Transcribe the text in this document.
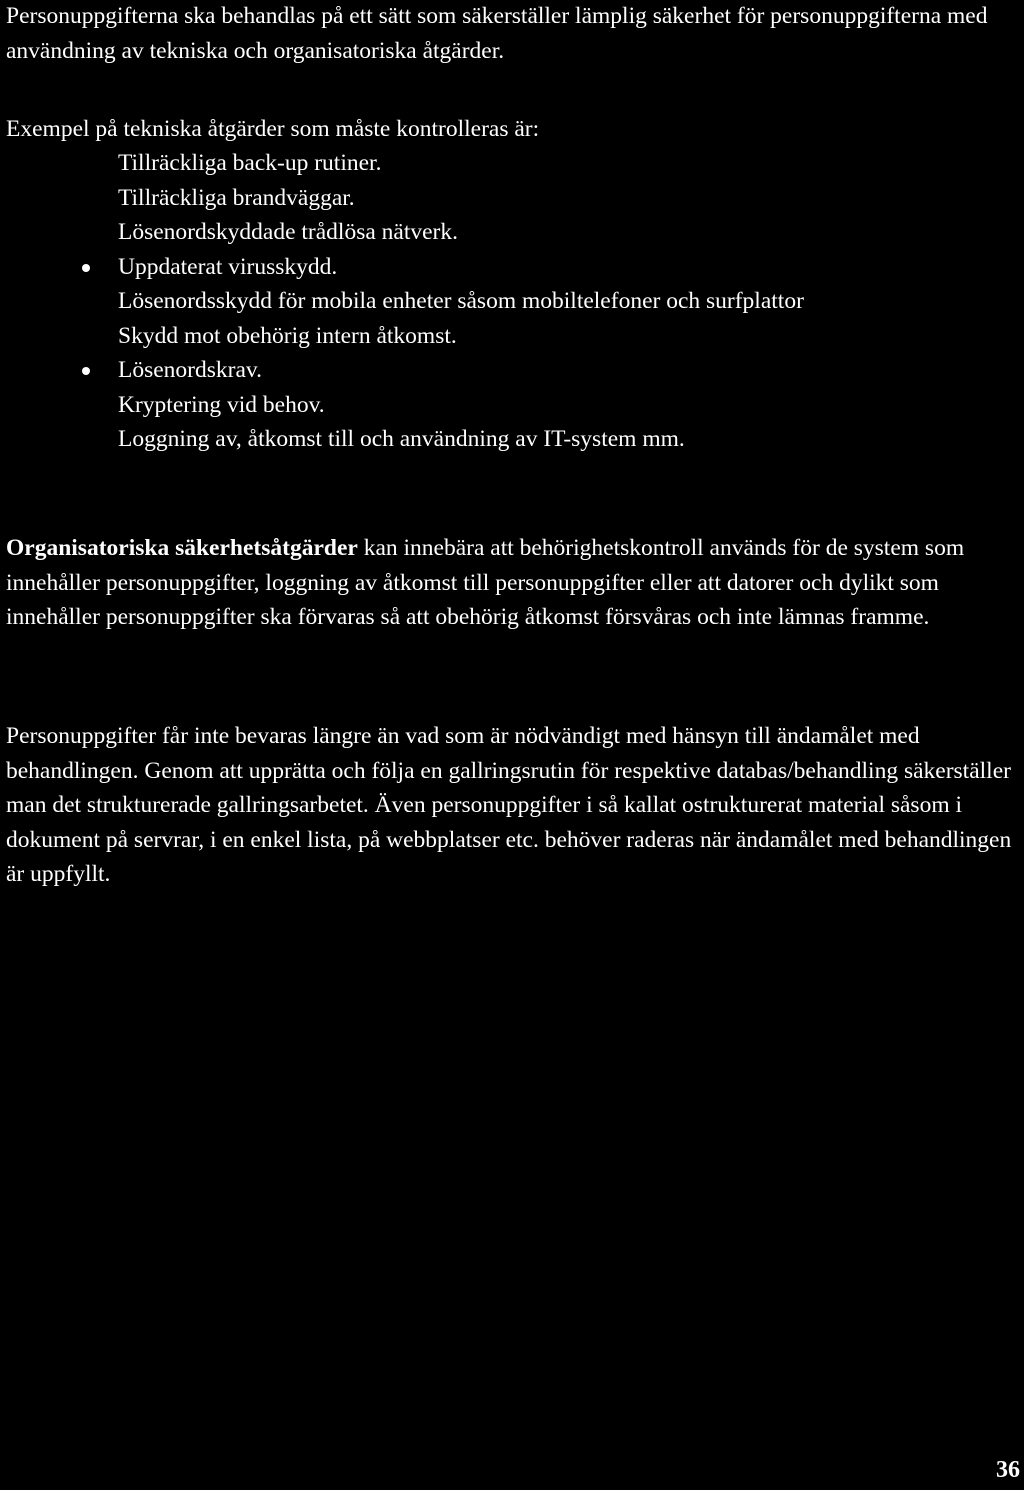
Personuppgifterna ska behandlas på ett sätt som säkerställer lämplig säkerhet för personuppgifterna med användning av tekniska och organisatoriska åtgärder.

Exempel på tekniska åtgärder som måste kontrolleras är:

Tillräckliga back-up rutiner.
Tillräckliga brandväggar.
Lösenordskyddade trådlösa nätverk.
Uppdaterat virusskydd.
Lösenordsskydd för mobila enheter såsom mobiltelefoner och surfplattor
Skydd mot obehörig intern åtkomst.
Lösenordskrav.
Kryptering vid behov.
Loggning av, åtkomst till och användning av IT-system mm.

Organisatoriska säkerhetsåtgärder kan innebära att behörighetskontroll används för de system som innehåller personuppgifter, loggning av åtkomst till personuppgifter eller att datorer och dylikt som innehåller personuppgifter ska förvaras så att obehörig åtkomst försvåras och inte lämnas framme.

Personuppgifter får inte bevaras längre än vad som är nödvändigt med hänsyn till ändamålet med behandlingen. Genom att upprätta och följa en gallringsrutin för respektive databas/behandling säkerställer man det strukturerade gallringsarbetet. Även personuppgifter i så kallat ostrukturerat material såsom i dokument på servrar, i en enkel lista, på webbplatser etc. behöver raderas när ändamålet med behandlingen är uppfyllt.

36
